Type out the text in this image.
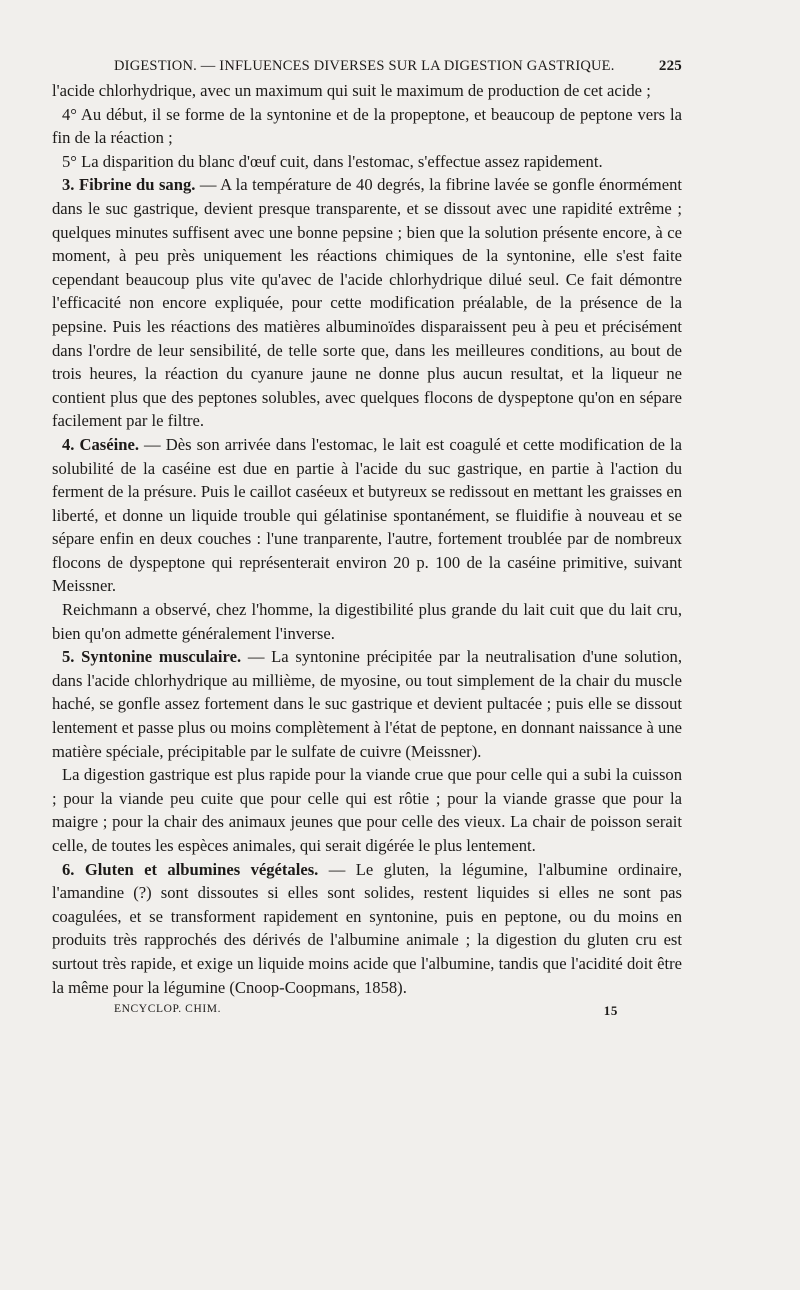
DIGESTION. — INFLUENCES DIVERSES SUR LA DIGESTION GASTRIQUE.	225

l'acide chlorhydrique, avec un maximum qui suit le maximum de production de cet acide ;

4° Au début, il se forme de la syntonine et de la propeptone, et beaucoup de peptone vers la fin de la réaction ;

5° La disparition du blanc d'œuf cuit, dans l'estomac, s'effectue assez rapidement.

3. Fibrine du sang. — A la température de 40 degrés, la fibrine lavée se gonfle énormément dans le suc gastrique, devient presque transparente, et se dissout avec une rapidité extrême ; quelques minutes suffisent avec une bonne pepsine ; bien que la solution présente encore, à ce moment, à peu près uniquement les réactions chimiques de la syntonine, elle s'est faite cependant beaucoup plus vite qu'avec de l'acide chlorhydrique dilué seul. Ce fait démontre l'efficacité non encore expliquée, pour cette modification préalable, de la présence de la pepsine. Puis les réactions des matières albuminoïdes disparaissent peu à peu et précisément dans l'ordre de leur sensibilité, de telle sorte que, dans les meilleures conditions, au bout de trois heures, la réaction du cyanure jaune ne donne plus aucun resultat, et la liqueur ne contient plus que des peptones solubles, avec quelques flocons de dyspeptone qu'on en sépare facilement par le filtre.

4. Caséine. — Dès son arrivée dans l'estomac, le lait est coagulé et cette modification de la solubilité de la caséine est due en partie à l'acide du suc gastrique, en partie à l'action du ferment de la présure. Puis le caillot caséeux et butyreux se redissout en mettant les graisses en liberté, et donne un liquide trouble qui gélatinise spontanément, se fluidifie à nouveau et se sépare enfin en deux couches : l'une tranparente, l'autre, fortement troublée par de nombreux flocons de dyspeptone qui représenterait environ 20 p. 100 de la caséine primitive, suivant Meissner.

Reichmann a observé, chez l'homme, la digestibilité plus grande du lait cuit que du lait cru, bien qu'on admette généralement l'inverse.

5. Syntonine musculaire. — La syntonine précipitée par la neutralisation d'une solution, dans l'acide chlorhydrique au millième, de myosine, ou tout simplement de la chair du muscle haché, se gonfle assez fortement dans le suc gastrique et devient pultacée ; puis elle se dissout lentement et passe plus ou moins complètement à l'état de peptone, en donnant naissance à une matière spéciale, précipitable par le sulfate de cuivre (Meissner).

La digestion gastrique est plus rapide pour la viande crue que pour celle qui a subi la cuisson ; pour la viande peu cuite que pour celle qui est rôtie ; pour la viande grasse que pour la maigre ; pour la chair des animaux jeunes que pour celle des vieux. La chair de poisson serait celle, de toutes les espèces animales, qui serait digérée le plus lentement.

6. Gluten et albumines végétales. — Le gluten, la légumine, l'albumine ordinaire, l'amandine (?) sont dissoutes si elles sont solides, restent liquides si elles ne sont pas coagulées, et se transforment rapidement en syntonine, puis en peptone, ou du moins en produits très rapprochés des dérivés de l'albumine animale ; la digestion du gluten cru est surtout très rapide, et exige un liquide moins acide que l'albumine, tandis que l'acidité doit être la même pour la légumine (Cnoop-Coopmans, 1858).

ENCYCLOP. CHIM.	15
